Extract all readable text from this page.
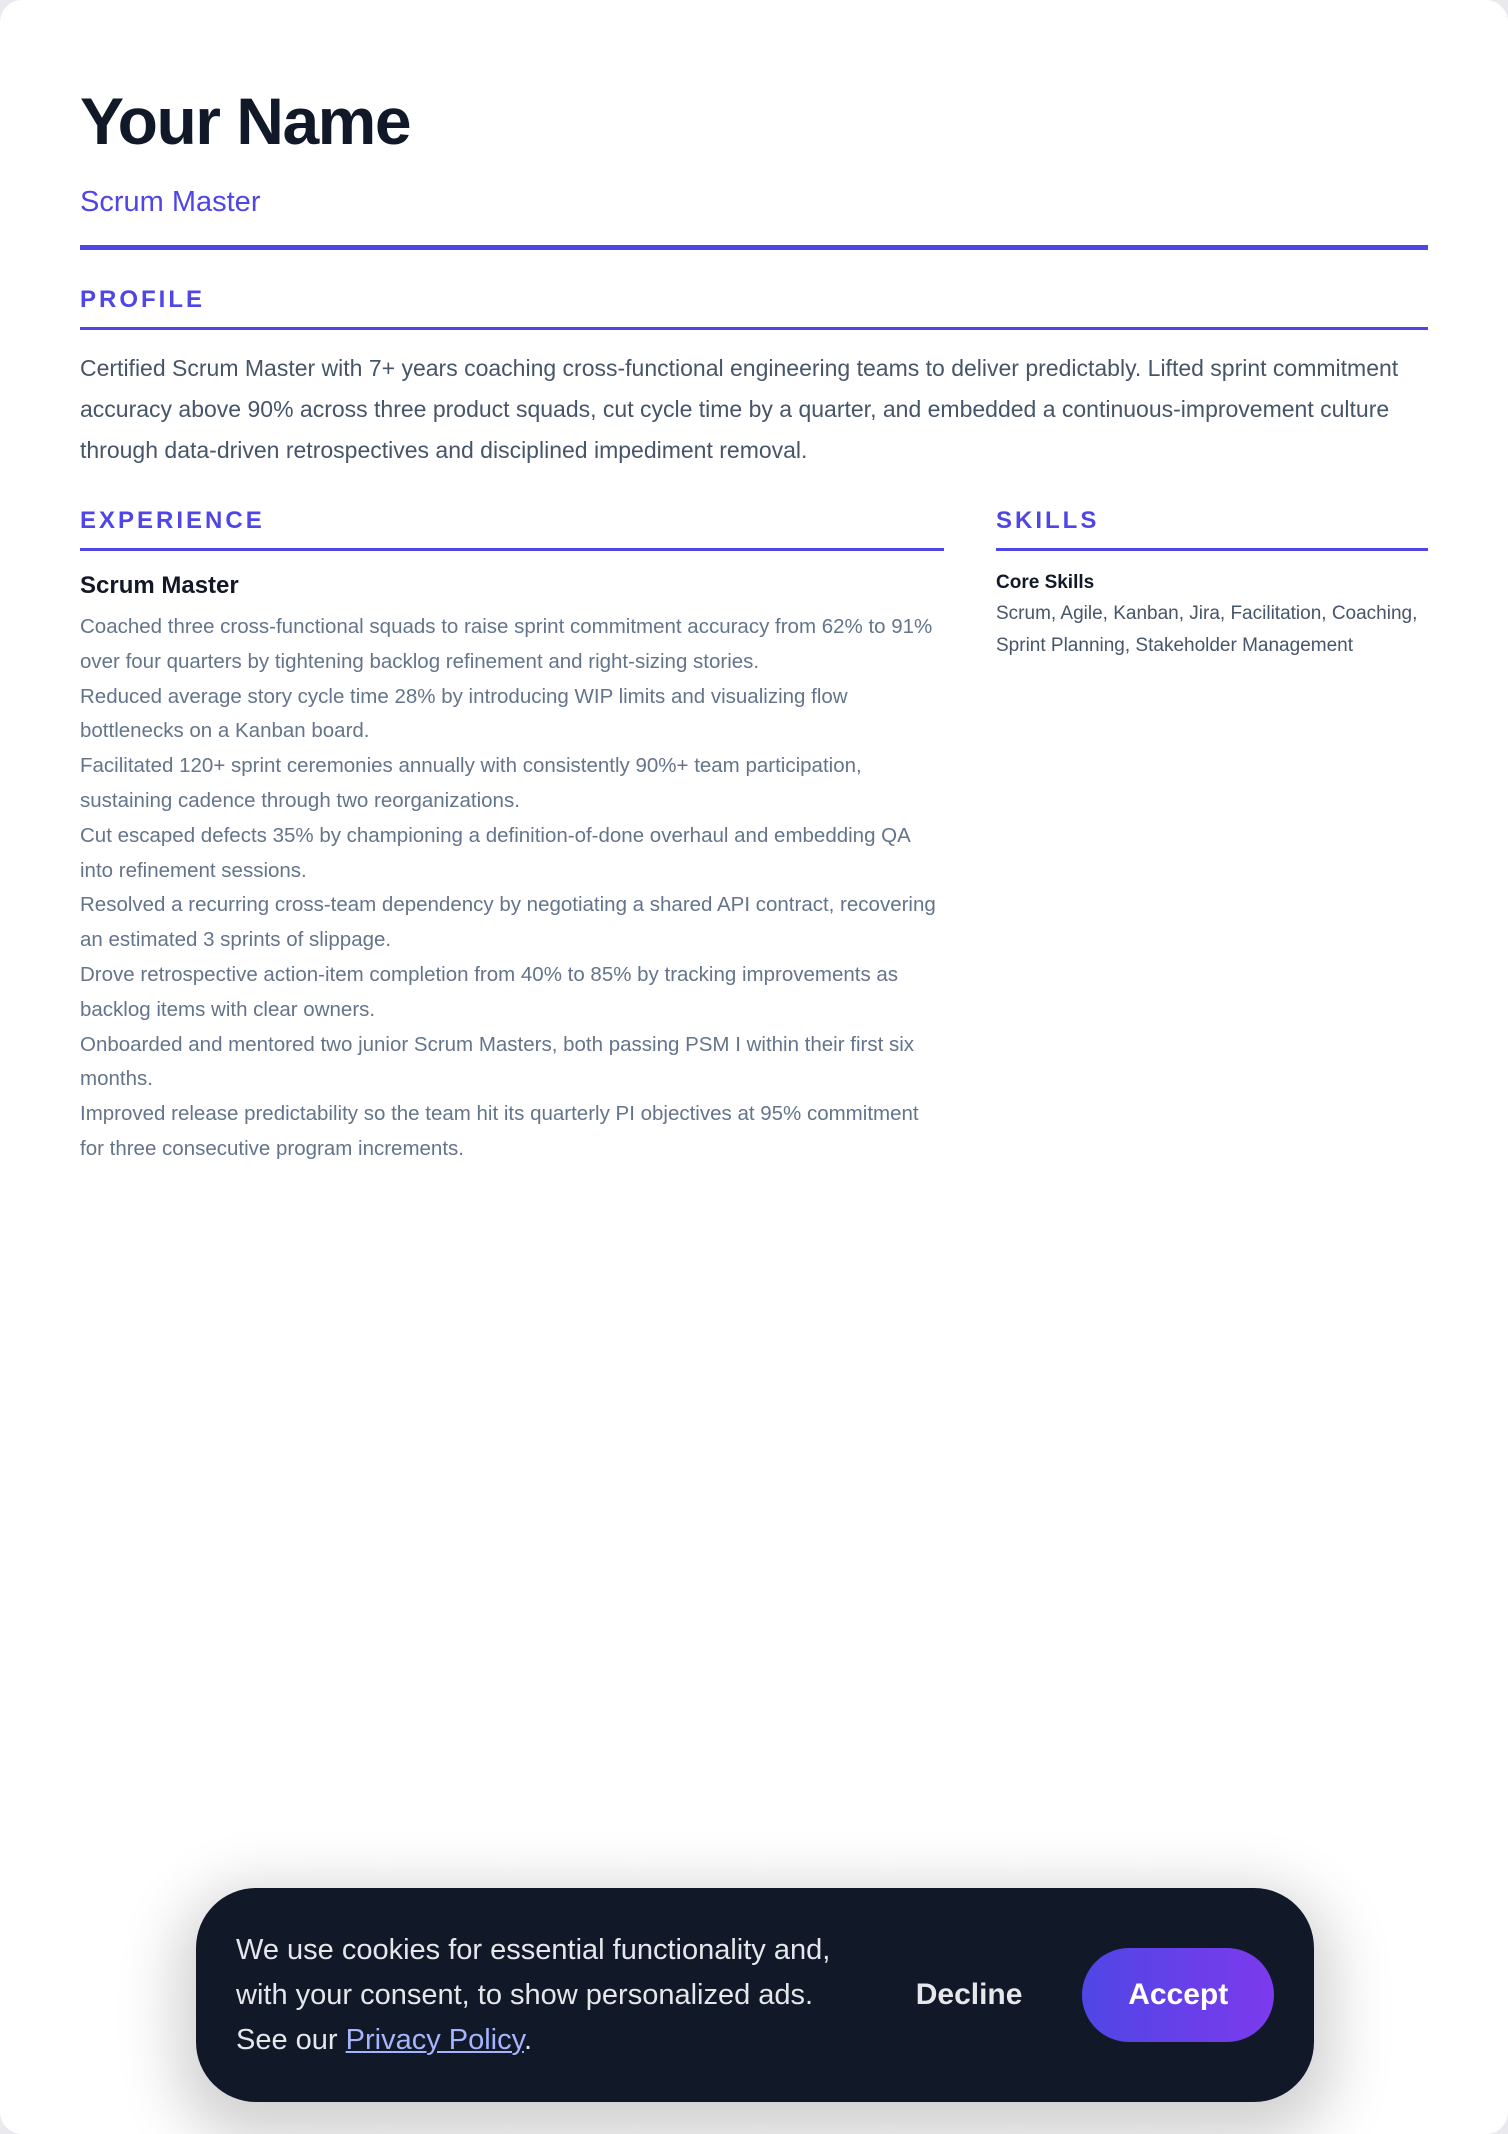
Your Name
Scrum Master
PROFILE
Certified Scrum Master with 7+ years coaching cross-functional engineering teams to deliver predictably. Lifted sprint commitment accuracy above 90% across three product squads, cut cycle time by a quarter, and embedded a continuous-improvement culture through data-driven retrospectives and disciplined impediment removal.
EXPERIENCE
Scrum Master
Coached three cross-functional squads to raise sprint commitment accuracy from 62% to 91% over four quarters by tightening backlog refinement and right-sizing stories.
Reduced average story cycle time 28% by introducing WIP limits and visualizing flow bottlenecks on a Kanban board.
Facilitated 120+ sprint ceremonies annually with consistently 90%+ team participation, sustaining cadence through two reorganizations.
Cut escaped defects 35% by championing a definition-of-done overhaul and embedding QA into refinement sessions.
Resolved a recurring cross-team dependency by negotiating a shared API contract, recovering an estimated 3 sprints of slippage.
Drove retrospective action-item completion from 40% to 85% by tracking improvements as backlog items with clear owners.
Onboarded and mentored two junior Scrum Masters, both passing PSM I within their first six months.
Improved release predictability so the team hit its quarterly PI objectives at 95% commitment for three consecutive program increments.
SKILLS
Core Skills
Scrum, Agile, Kanban, Jira, Facilitation, Coaching, Sprint Planning, Stakeholder Management
We use cookies for essential functionality and, with your consent, to show personalized ads. See our Privacy Policy.
Decline	Accept
